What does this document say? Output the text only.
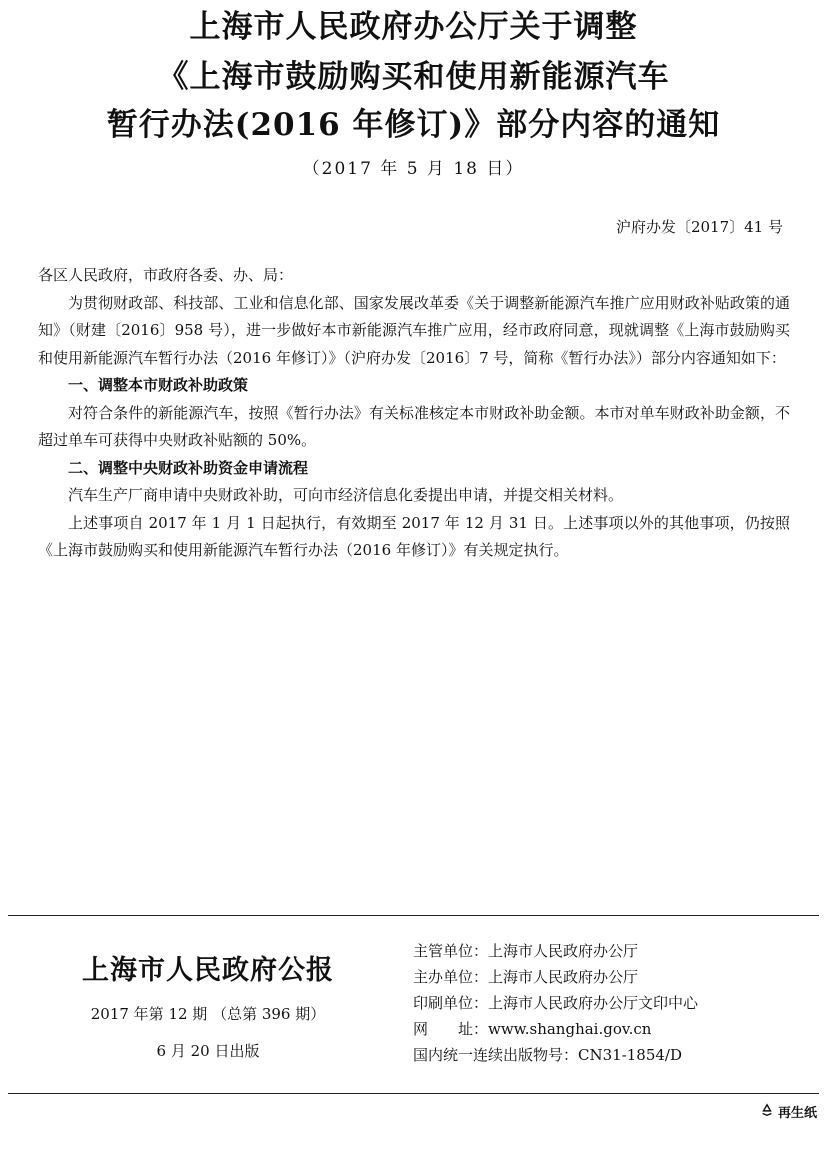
上海市人民政府办公厅关于调整
《上海市鼓励购买和使用新能源汽车
暂行办法(2016 年修订)》部分内容的通知
（2017 年 5 月 18 日）
沪府办发〔2017〕41 号

各区人民政府，市政府各委、办、局：

为贯彻财政部、科技部、工业和信息化部、国家发展改革委《关于调整新能源汽车推广应用财政补贴政策的通知》（财建〔2016〕958 号），进一步做好本市新能源汽车推广应用，经市政府同意，现就调整《上海市鼓励购买和使用新能源汽车暂行办法（2016 年修订）》（沪府办发〔2016〕7 号，简称《暂行办法》）部分内容通知如下：

一、调整本市财政补助政策

对符合条件的新能源汽车，按照《暂行办法》有关标准核定本市财政补助金额。本市对单车财政补助金额，不超过单车可获得中央财政补贴额的 50%。

二、调整中央财政补助资金申请流程

汽车生产厂商申请中央财政补助，可向市经济信息化委提出申请，并提交相关材料。

上述事项自 2017 年 1 月 1 日起执行，有效期至 2017 年 12 月 31 日。上述事项以外的其他事项，仍按照《上海市鼓励购买和使用新能源汽车暂行办法（2016 年修订）》有关规定执行。

上海市人民政府公报
2017 年第 12 期 （总第 396 期）
6 月 20 日出版
主管单位：上海市人民政府办公厅
主办单位：上海市人民政府办公厅
印刷单位：上海市人民政府办公厅文印中心
网　　址：www.shanghai.gov.cn
国内统一连续出版物号：CN31-1854/D
再生纸
